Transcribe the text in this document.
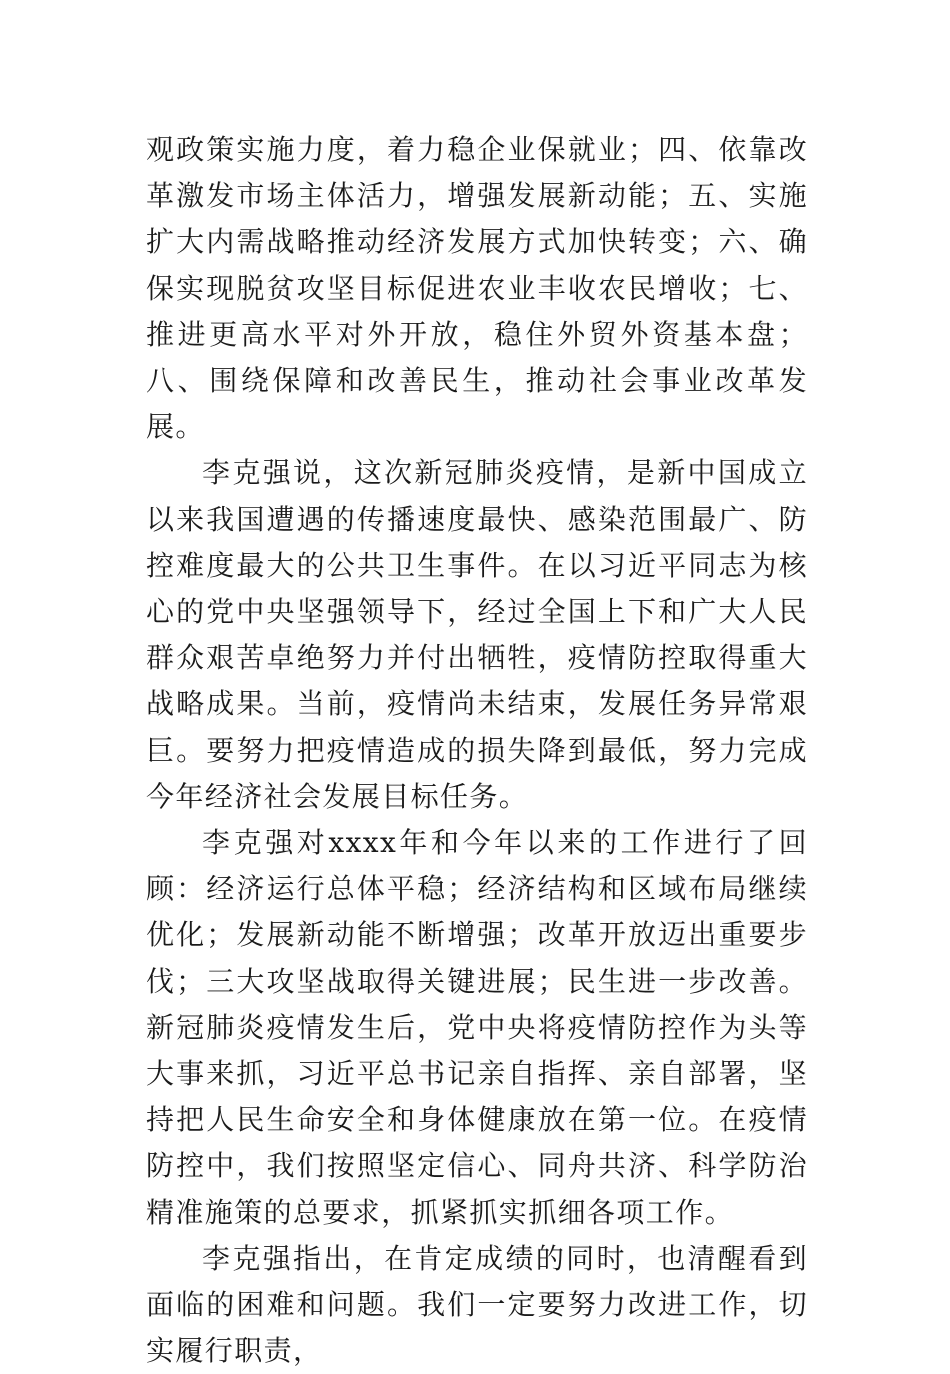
观政策实施力度，着力稳企业保就业；四、依靠改革激发市场主体活力，增强发展新动能；五、实施扩大内需战略推动经济发展方式加快转变；六、确保实现脱贫攻坚目标促进农业丰收农民增收；七、推进更高水平对外开放，稳住外贸外资基本盘；八、围绕保障和改善民生，推动社会事业改革发展。

李克强说，这次新冠肺炎疫情，是新中国成立以来我国遭遇的传播速度最快、感染范围最广、防控难度最大的公共卫生事件。在以习近平同志为核心的党中央坚强领导下，经过全国上下和广大人民群众艰苦卓绝努力并付出牺牲，疫情防控取得重大战略成果。当前，疫情尚未结束，发展任务异常艰巨。要努力把疫情造成的损失降到最低，努力完成今年经济社会发展目标任务。

李克强对xxxx年和今年以来的工作进行了回顾：经济运行总体平稳；经济结构和区域布局继续优化；发展新动能不断增强；改革开放迈出重要步伐；三大攻坚战取得关键进展；民生进一步改善。新冠肺炎疫情发生后，党中央将疫情防控作为头等大事来抓，习近平总书记亲自指挥、亲自部署，坚持把人民生命安全和身体健康放在第一位。在疫情防控中，我们按照坚定信心、同舟共济、科学防治精准施策的总要求，抓紧抓实抓细各项工作。

李克强指出，在肯定成绩的同时，也清醒看到面临的困难和问题。我们一定要努力改进工作，切实履行职责，
